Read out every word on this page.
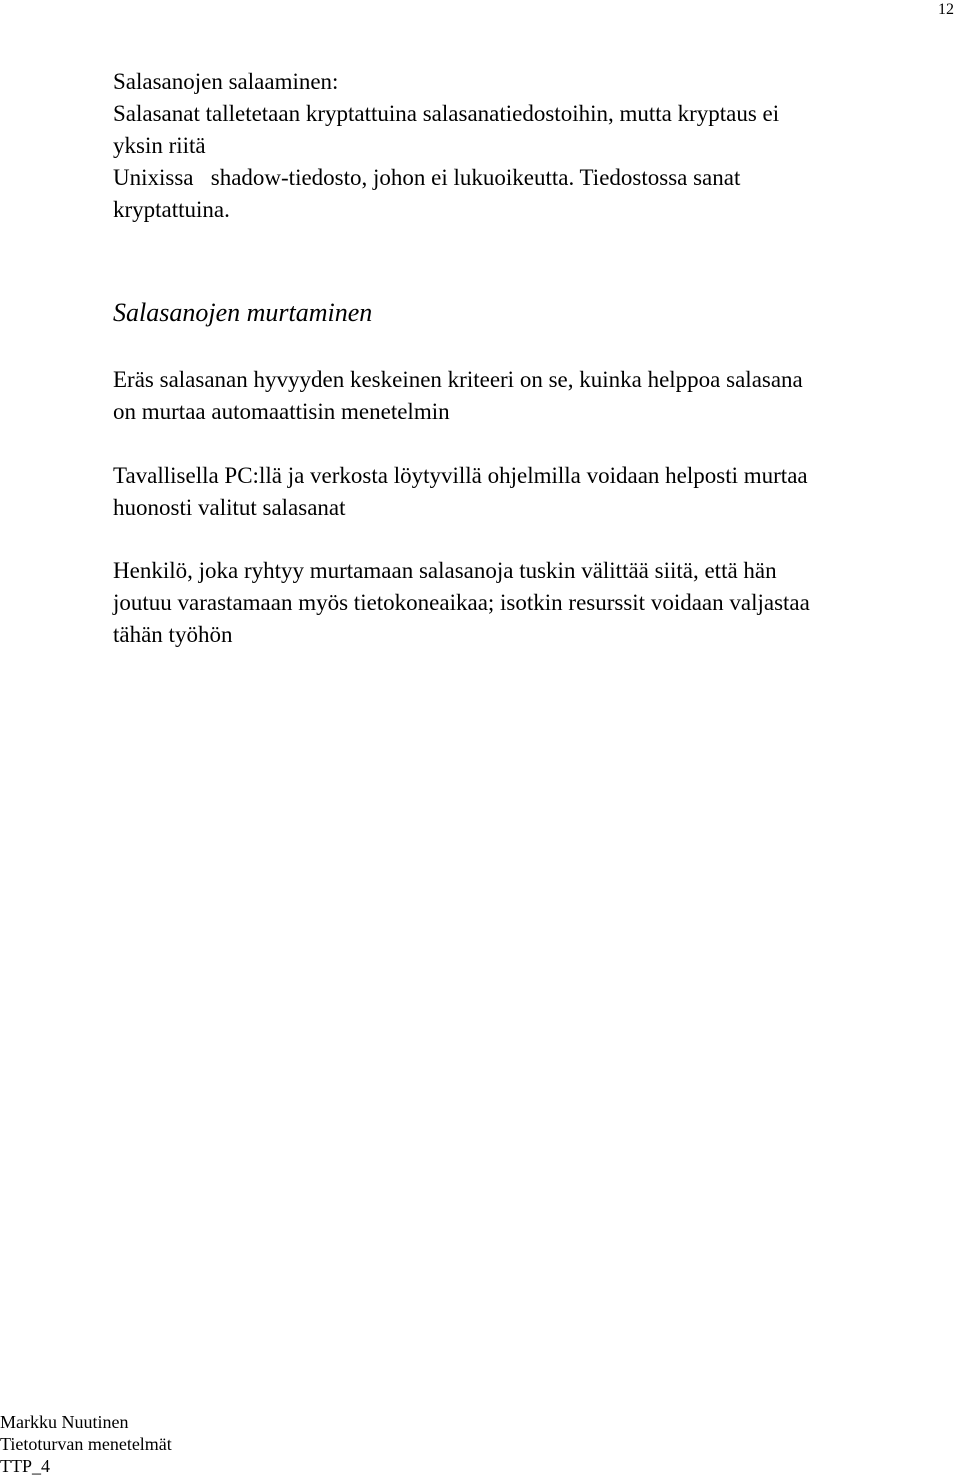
12
Salasanojen salaaminen:
Salasanat talletetaan kryptattuina salasanatiedostoihin, mutta kryptaus ei
yksin riitä
Unixissa   shadow-tiedosto, johon ei lukuoikeutta. Tiedostossa sanat
kryptattuina.
Salasanojen murtaminen
Eräs salasanan hyvyyden keskeinen kriteeri on se, kuinka helppoa salasana
on murtaa automaattisin menetelmin
Tavallisella PC:llä ja verkosta löytyvillä ohjelmilla voidaan helposti murtaa
huonosti valitut salasanat
Henkilö, joka ryhtyy murtamaan salasanoja tuskin välittää siitä, että hän
joutuu varastamaan myös tietokoneaikaa; isotkin resurssit voidaan valjastaa
tähän työhön
Markku Nuutinen
Tietoturvan menetelmät
TTP_4
